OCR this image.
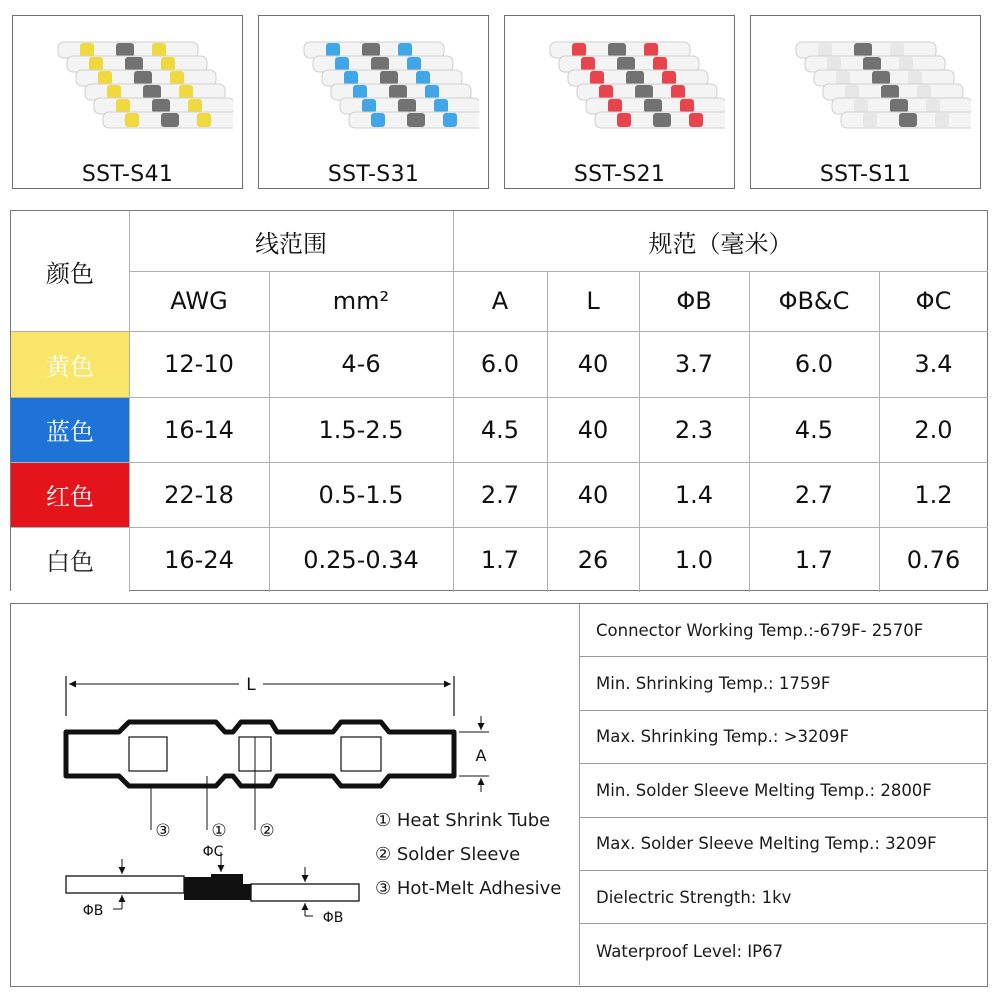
SST-S41	SST-S31	SST-S21	SST-S11
颜色
线范围	规范（毫米）
AWG	mm²	A	L	ΦB	ΦB&C	ΦC
黄色	12-10	4-6	6.0	40	3.7	6.0	3.4
蓝色	16-14	1.5-2.5	4.5	40	2.3	4.5	2.0
红色	22-18	0.5-1.5	2.7	40	1.4	2.7	1.2
白色	16-24	0.25-0.34	1.7	26	1.0	1.7	0.76
L
A
③ ① ②
ΦC
ΦB	ΦB
① Heat Shrink Tube
② Solder Sleeve
③ Hot-Melt Adhesive
Connector Working Temp.:-679F- 2570F
Min. Shrinking Temp.: 1759F
Max. Shrinking Temp.: >3209F
Min. Solder Sleeve Melting Temp.: 2800F
Max. Solder Sleeve Melting Temp.: 3209F
Dielectric Strength: 1kv
Waterproof Level: IP67
